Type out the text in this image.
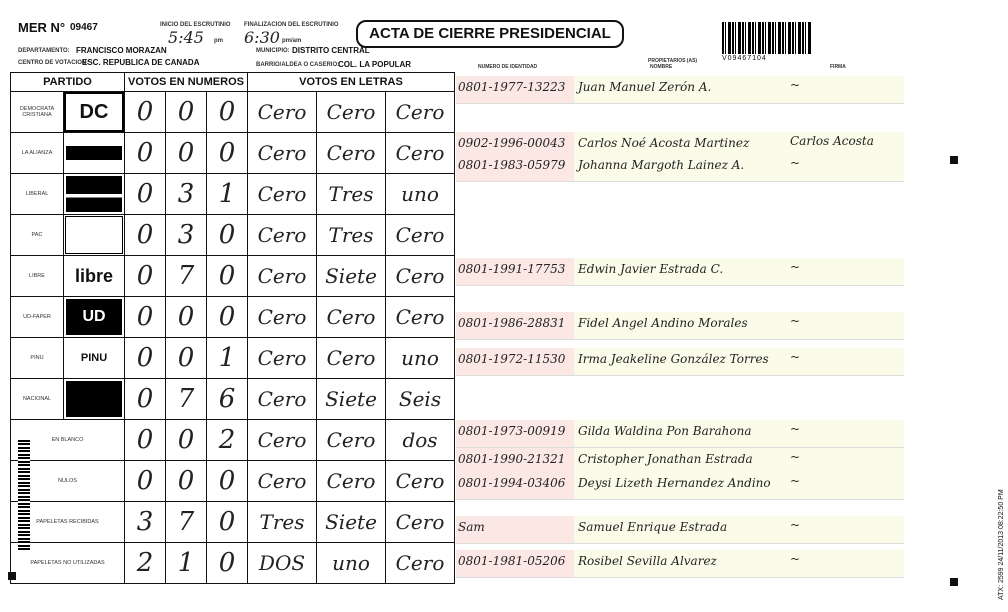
MER N° 09467	INICIO DEL ESCRUTINIO
5:45 pm
FINALIZACION DEL ESCRUTINIO
6:30 pm/am	ACTA DE CIERRE PRESIDENCIAL
V09467104
DEPARTAMENTO: FRANCISCO MORAZAN	MUNICIPIO: DISTRITO CENTRAL
CENTRO DE VOTACION:
ESC. REPUBLICA DE CANADA	BARRIO/ALDEA O CASERIO:
COL. LA POPULAR	PROPIETARIOS (AS)
NUMERO DE IDENTIDAD	NOMBRE	FIRMA
PARTIDO		VOTOS EN NUMEROS			VOTOS EN LETRAS		
DEMOCRATA CRISTIANA	DC	0	0	0	Cero	Cero	Cero
LA ALIANZA		0	0	0	Cero	Cero	Cero
LIBERAL		0	3	1	Cero	Tres	uno
PAC		0	3	0	Cero	Tres	Cero
LIBRE	libre	0	7	0	Cero	Siete	Cero
UD-FAPER	UD	0	0	0	Cero	Cero	Cero
PINU	PINU	0	0	1	Cero	Cero	uno
NACIONAL		0	7	6	Cero	Siete	Seis
EN BLANCO		0	0	2	Cero	Cero	dos
NULOS		0	0	0	Cero	Cero	Cero
PAPELETAS RECIBIDAS		3	7	0	Tres	Siete	Cero
PAPELETAS NO UTILIZADAS		2	1	0	DOS	uno	Cero
0801-1977-13223 Juan Manuel Zerón A.	~
0902-1996-00043 Carlos Noé Acosta Martinez	Carlos Acosta
0801-1983-05979 Johanna Margoth Lainez A.	~
0801-1991-17753 Edwin Javier Estrada C.	~
0801-1986-28831 Fidel Angel Andino Morales	~
0801-1972-11530 Irma Jeakeline González Torres ~
0801-1973-00919 Gilda Waldina Pon Barahona	~
0801-1990-21321 Cristopher Jonathan Estrada	~
0801-1994-03406 Deysi Lizeth Hernandez Andino ~
Sam	Samuel Enrique Estrada	~
0801-1981-05206 Rosibel Sevilla Alvarez	~	ATX: 2599 24/11/2013 08:22:50 PM
